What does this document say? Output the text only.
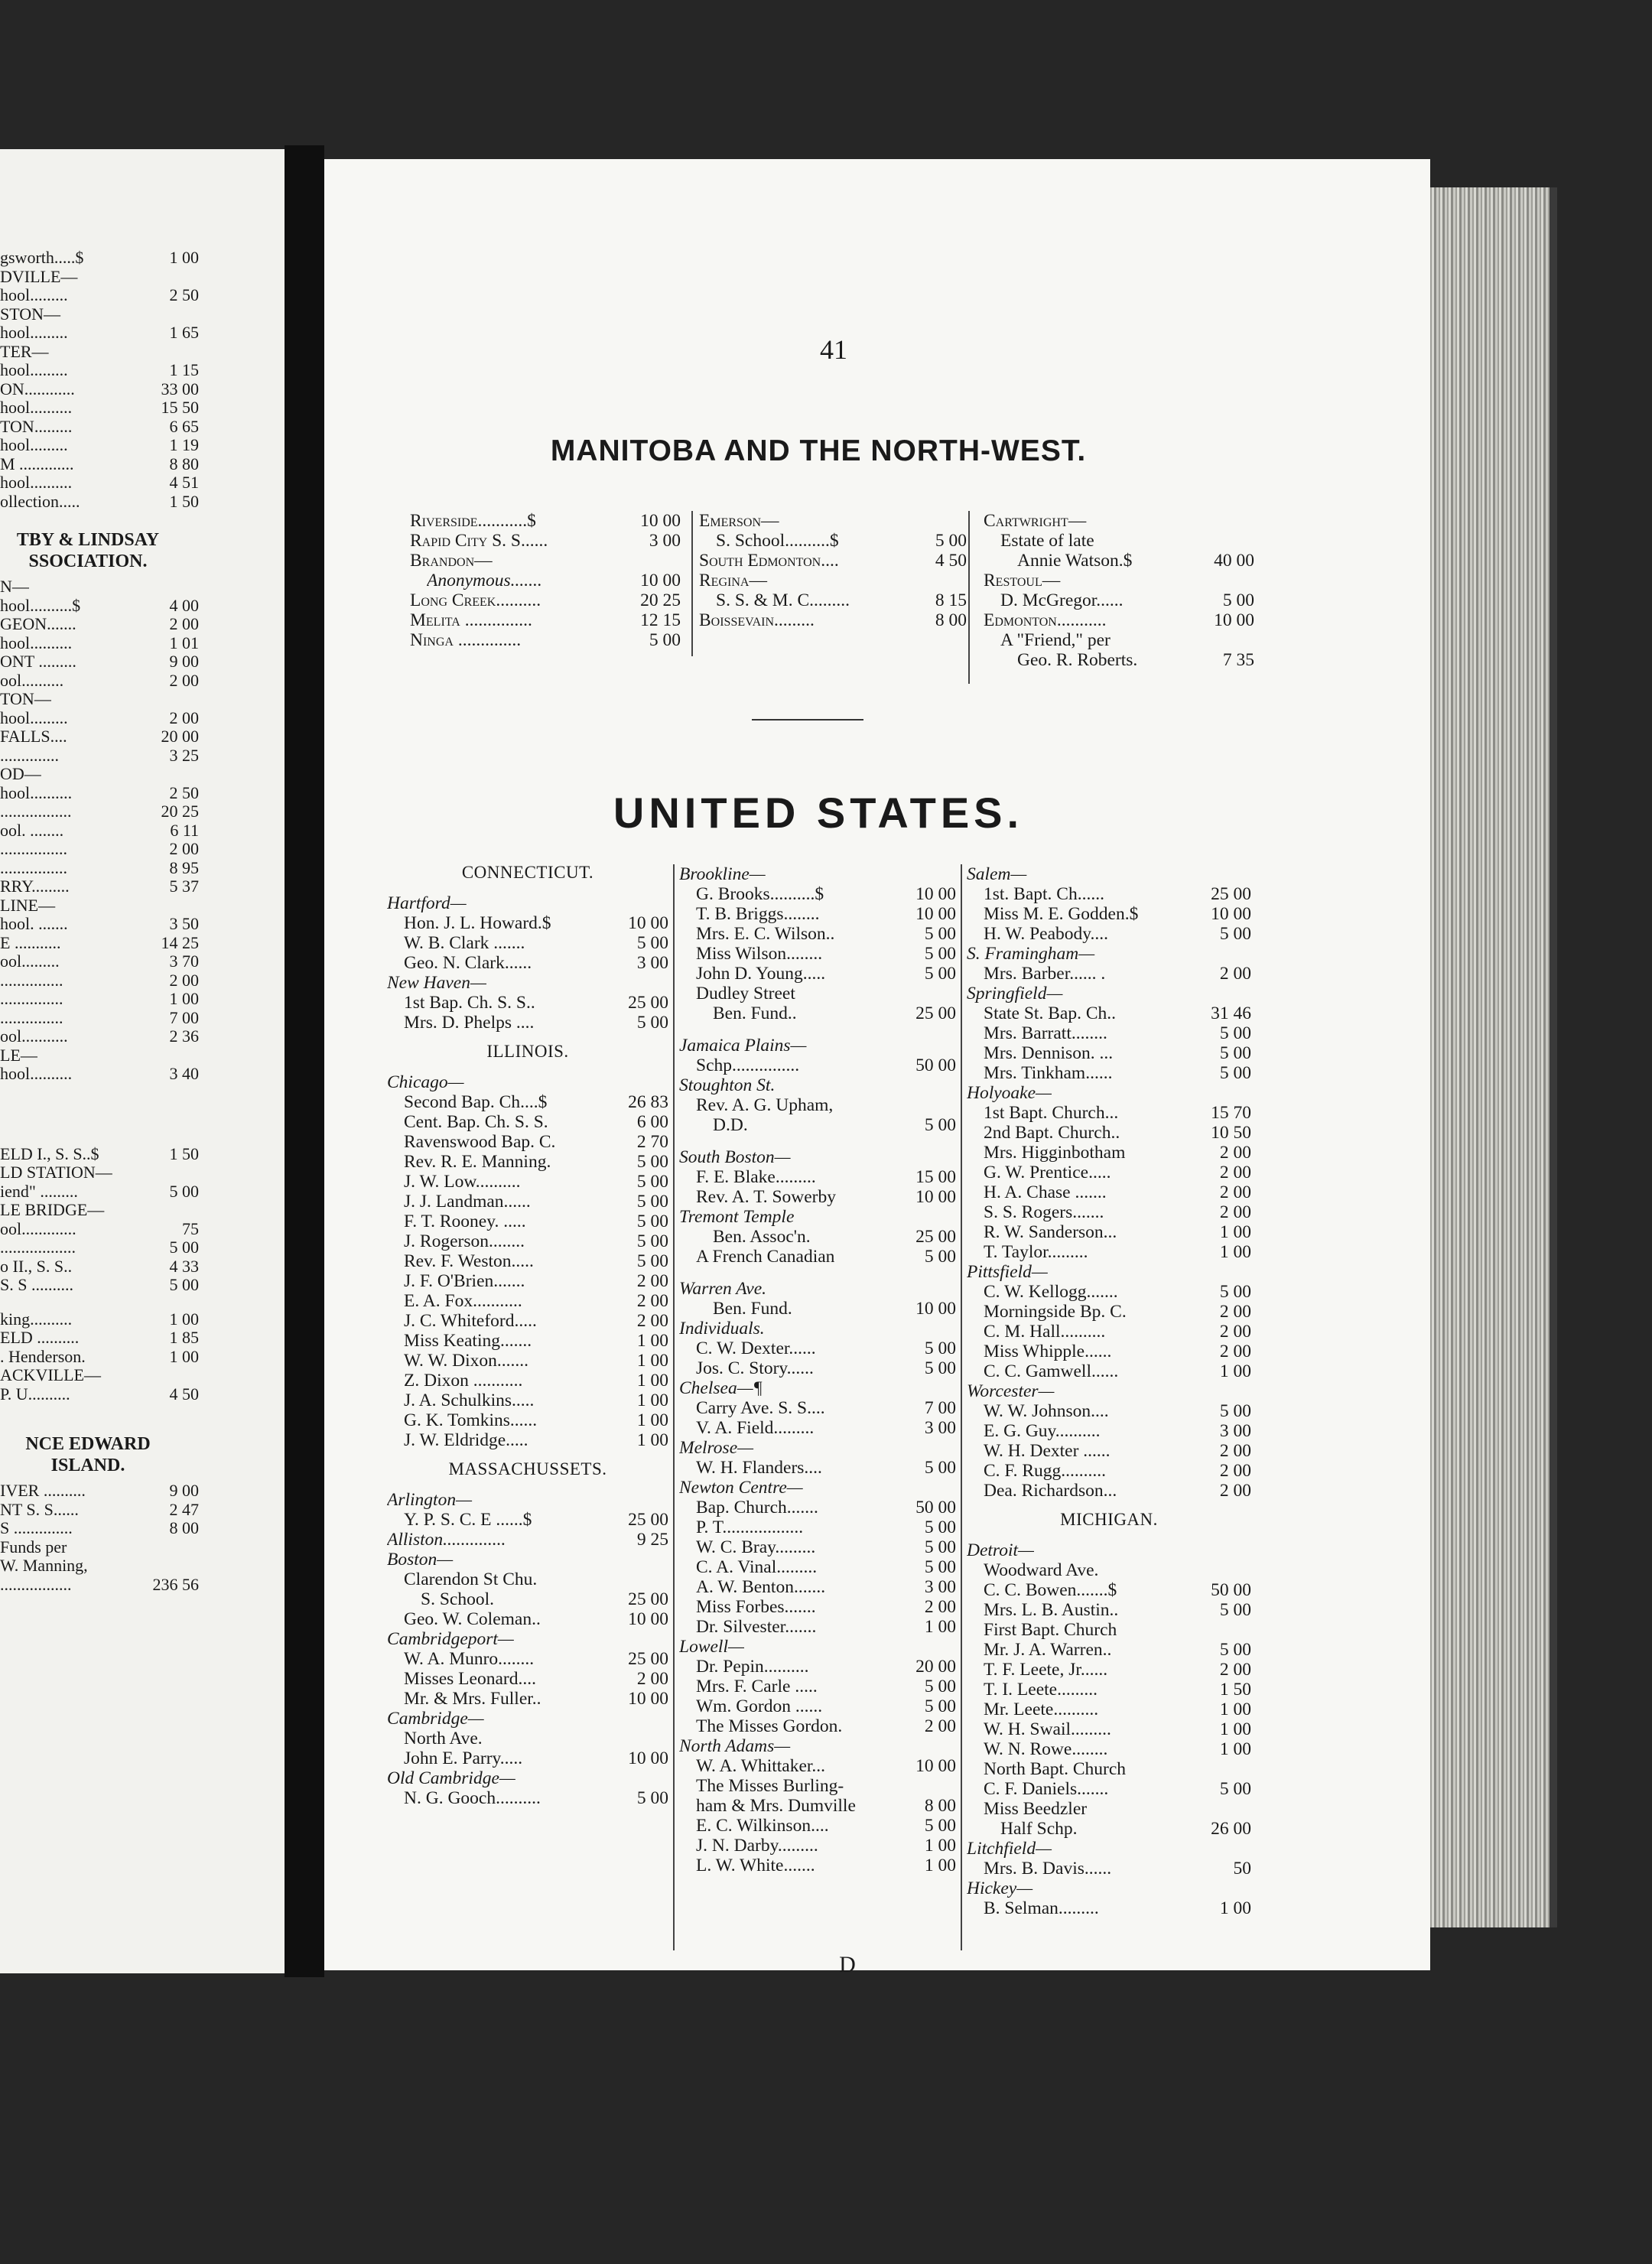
gsworth.....$	1 00
DVILLE—
hool.........	2 50
STON—
hool.........	1 65
TER—
hool.........	1 15
ON............	33 00
hool..........	15 50
TON.........	6 65
hool.........	1 19
M .............	8 80
hool..........	4 51
ollection.....	1 50
TBY & LINDSAY
SSOCIATION.
N—
hool..........$	4 00
GEON.......	2 00
hool..........	1 01
ONT .........	9 00
ool..........	2 00
TON—
hool.........	2 00
FALLS....	20 00
..............	3 25
OD—
hool..........	2 50
.................	20 25
ool. ........	6 11
................	2 00
................	8 95
RRY.........	5 37
LINE—
hool. .......	3 50
E ...........	14 25
ool.........	3 70
...............	2 00
...............	1 00
...............	7 00
ool...........	2 36
LE—
hool..........	3 40
ELD I., S. S..$	1 50
LD STATION—
iend" .........	5 00
LE BRIDGE—
ool.............	75
..................	5 00
o II., S. S..	4 33
S. S ..........	5 00
king..........	1 00
ELD ..........	1 85
. Henderson.	1 00
ACKVILLE—
P. U..........	4 50
NCE EDWARD
ISLAND.
IVER ..........	9 00
NT S. S......	2 47
S ..............	8 00
Funds per
W. Manning,
.................	236 56
41
MANITOBA AND THE NORTH-WEST.
Riverside...........$	10 00
Rapid City S. S......	3 00
Brandon—
Anonymous.......	10 00
Long Creek..........	20 25
Melita ...............	12 15
Ninga ..............	5 00
Emerson—
S. School..........$	5 00
South Edmonton....	4 50
Regina—
S. S. & M. C.........	8 15
Boissevain.........	8 00
Cartwright—
Estate of late
Annie Watson.$	40 00
Restoul—
D. McGregor......	5 00
Edmonton...........	10 00
A "Friend," per
Geo. R. Roberts.	7 35
UNITED STATES.
CONNECTICUT.
Hartford—
Hon. J. L. Howard.$	10 00
W. B. Clark .......	5 00
Geo. N. Clark......	3 00
New Haven—
1st Bap. Ch. S. S..	25 00
Mrs. D. Phelps ....	5 00
ILLINOIS.
Chicago—
Second Bap. Ch....$	26 83
Cent. Bap. Ch. S. S.	6 00
Ravenswood Bap. C.	2 70
Rev. R. E. Manning.	5 00
J. W. Low..........	5 00
J. J. Landman......	5 00
F. T. Rooney. .....	5 00
J. Rogerson........	5 00
Rev. F. Weston.....	5 00
J. F. O'Brien.......	2 00
E. A. Fox...........	2 00
J. C. Whiteford.....	2 00
Miss Keating.......	1 00
W. W. Dixon.......	1 00
Z. Dixon ...........	1 00
J. A. Schulkins.....	1 00
G. K. Tomkins......	1 00
J. W. Eldridge.....	1 00
MASSACHUSSETS.
Arlington—
Y. P. S. C. E ......$	25 00
Alliston..............	9 25
Boston—
Clarendon St Chu.
S. School.	25 00
Geo. W. Coleman..	10 00
Cambridgeport—
W. A. Munro........	25 00
Misses Leonard....	2 00
Mr. & Mrs. Fuller..	10 00
Cambridge—
North Ave.
John E. Parry.....	10 00
Old Cambridge—
N. G. Gooch..........	5 00
Brookline—
G. Brooks..........$	10 00
T. B. Briggs........	10 00
Mrs. E. C. Wilson..	5 00
Miss Wilson........	5 00
John D. Young.....	5 00
Dudley Street
Ben. Fund..	25 00
Jamaica Plains—
Schp...............	50 00
Stoughton St.
Rev. A. G. Upham,
D.D.	5 00
South Boston—
F. E. Blake.........	15 00
Rev. A. T. Sowerby	10 00
Tremont Temple
Ben. Assoc'n.	25 00
A French Canadian	5 00
Warren Ave.
Ben. Fund.	10 00
Individuals.
C. W. Dexter......	5 00
Jos. C. Story......	5 00
Chelsea—¶
Carry Ave. S. S....	7 00
V. A. Field.........	3 00
Melrose—
W. H. Flanders....	5 00
Newton Centre—
Bap. Church.......	50 00
P. T..................	5 00
W. C. Bray.........	5 00
C. A. Vinal.........	5 00
A. W. Benton.......	3 00
Miss Forbes.......	2 00
Dr. Silvester.......	1 00
Lowell—
Dr. Pepin..........	20 00
Mrs. F. Carle .....	5 00
Wm. Gordon ......	5 00
The Misses Gordon.	2 00
North Adams—
W. A. Whittaker...	10 00
The Misses Burling-
ham & Mrs. Dumville	8 00
E. C. Wilkinson....	5 00
J. N. Darby.........	1 00
L. W. White.......	1 00
Salem—
1st. Bapt. Ch......	25 00
Miss M. E. Godden.$	10 00
H. W. Peabody....	5 00
S. Framingham—
Mrs. Barber...... .	2 00
Springfield—
State St. Bap. Ch..	31 46
Mrs. Barratt........	5 00
Mrs. Dennison. ...	5 00
Mrs. Tinkham......	5 00
Holyoake—
1st Bapt. Church...	15 70
2nd Bapt. Church..	10 50
Mrs. Higginbotham	2 00
G. W. Prentice.....	2 00
H. A. Chase .......	2 00
S. S. Rogers.......	2 00
R. W. Sanderson...	1 00
T. Taylor.........	1 00
Pittsfield—
C. W. Kellogg.......	5 00
Morningside Bp. C.	2 00
C. M. Hall..........	2 00
Miss Whipple......	2 00
C. C. Gamwell......	1 00
Worcester—
W. W. Johnson....	5 00
E. G. Guy..........	3 00
W. H. Dexter ......	2 00
C. F. Rugg..........	2 00
Dea. Richardson...	2 00
MICHIGAN.
Detroit—
Woodward Ave.
C. C. Bowen.......$	50 00
Mrs. L. B. Austin..	5 00
First Bapt. Church
Mr. J. A. Warren..	5 00
T. F. Leete, Jr......	2 00
T. I. Leete.........	1 50
Mr. Leete..........	1 00
W. H. Swail.........	1 00
W. N. Rowe........	1 00
North Bapt. Church
C. F. Daniels.......	5 00
Miss Beedzler
Half Schp.	26 00
Litchfield—
Mrs. B. Davis......	50
Hickey—
B. Selman.........	1 00
D
